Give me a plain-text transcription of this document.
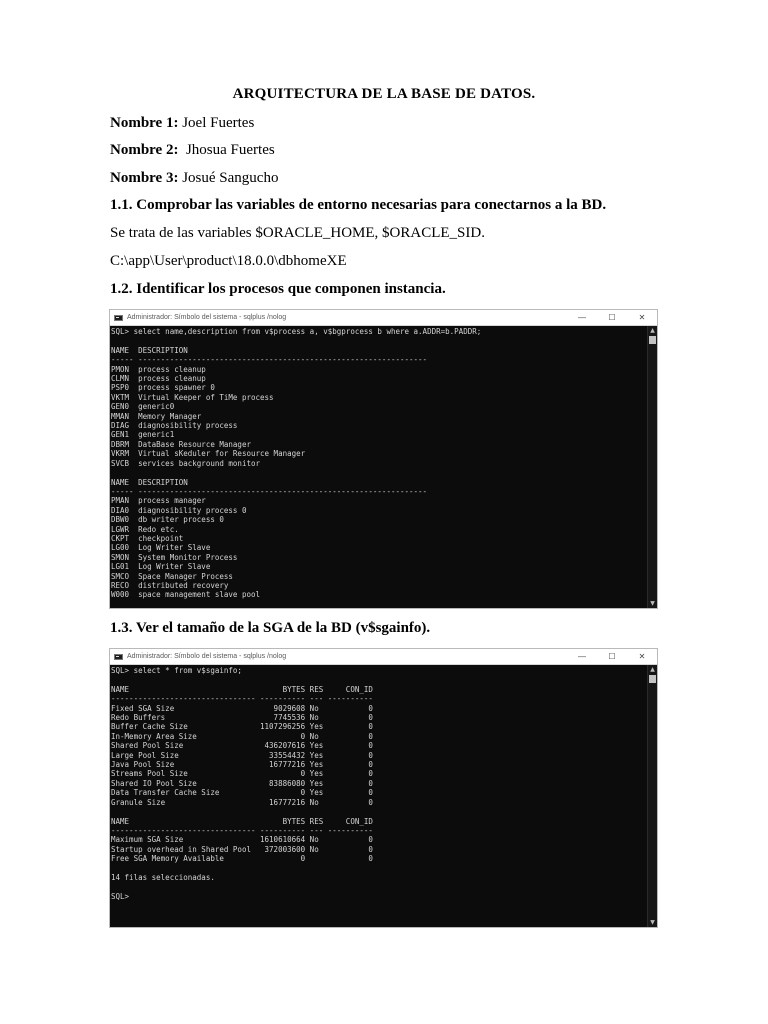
ARQUITECTURA DE LA BASE DE DATOS.
Nombre 1: Joel Fuertes
Nombre 2:  Jhosua Fuertes
Nombre 3: Josué Sangucho
1.1. Comprobar las variables de entorno necesarias para conectarnos a la BD.
Se trata de las variables $ORACLE_HOME, $ORACLE_SID.
C:\app\User\product\18.0.0\dbhomeXE
1.2. Identificar los procesos que componen instancia.
Administrador: Símbolo del sistema - sqlplus /nolog	—	☐	✕
SQL> select name,description from v$process a, v$bgprocess b where a.ADDR=b.PADDR;

NAME  DESCRIPTION
----- ----------------------------------------------------------------
PMON  process cleanup
CLMN  process cleanup
PSP0  process spawner 0
VKTM  Virtual Keeper of TiMe process
GEN0  generic0
MMAN  Memory Manager
DIAG  diagnosibility process
GEN1  generic1
DBRM  DataBase Resource Manager
VKRM  Virtual sKeduler for Resource Manager
SVCB  services background monitor

NAME  DESCRIPTION
----- ----------------------------------------------------------------
PMAN  process manager
DIA0  diagnosibility process 0
DBW0  db writer process 0
LGWR  Redo etc.
CKPT  checkpoint
LG00  Log Writer Slave
SMON  System Monitor Process
LG01  Log Writer Slave
SMCO  Space Manager Process
RECO  distributed recovery
W000  space management slave pool
▲
▼
1.3. Ver el tamaño de la SGA de la BD (v$sgainfo).
Administrador: Símbolo del sistema - sqlplus /nolog	—	☐	✕
SQL> select * from v$sgainfo;

NAME                                  BYTES RES     CON_ID
-------------------------------- ---------- --- ----------
Fixed SGA Size                      9029608 No           0
Redo Buffers                        7745536 No           0
Buffer Cache Size                1107296256 Yes          0
In-Memory Area Size                       0 No           0
Shared Pool Size                  436207616 Yes          0
Large Pool Size                    33554432 Yes          0
Java Pool Size                     16777216 Yes          0
Streams Pool Size                         0 Yes          0
Shared IO Pool Size                83886080 Yes          0
Data Transfer Cache Size                  0 Yes          0
Granule Size                       16777216 No           0

NAME                                  BYTES RES     CON_ID
-------------------------------- ---------- --- ----------
Maximum SGA Size                 1610610664 No           0
Startup overhead in Shared Pool   372003600 No           0
Free SGA Memory Available                 0              0

14 filas seleccionadas.

SQL>
▲
▼
